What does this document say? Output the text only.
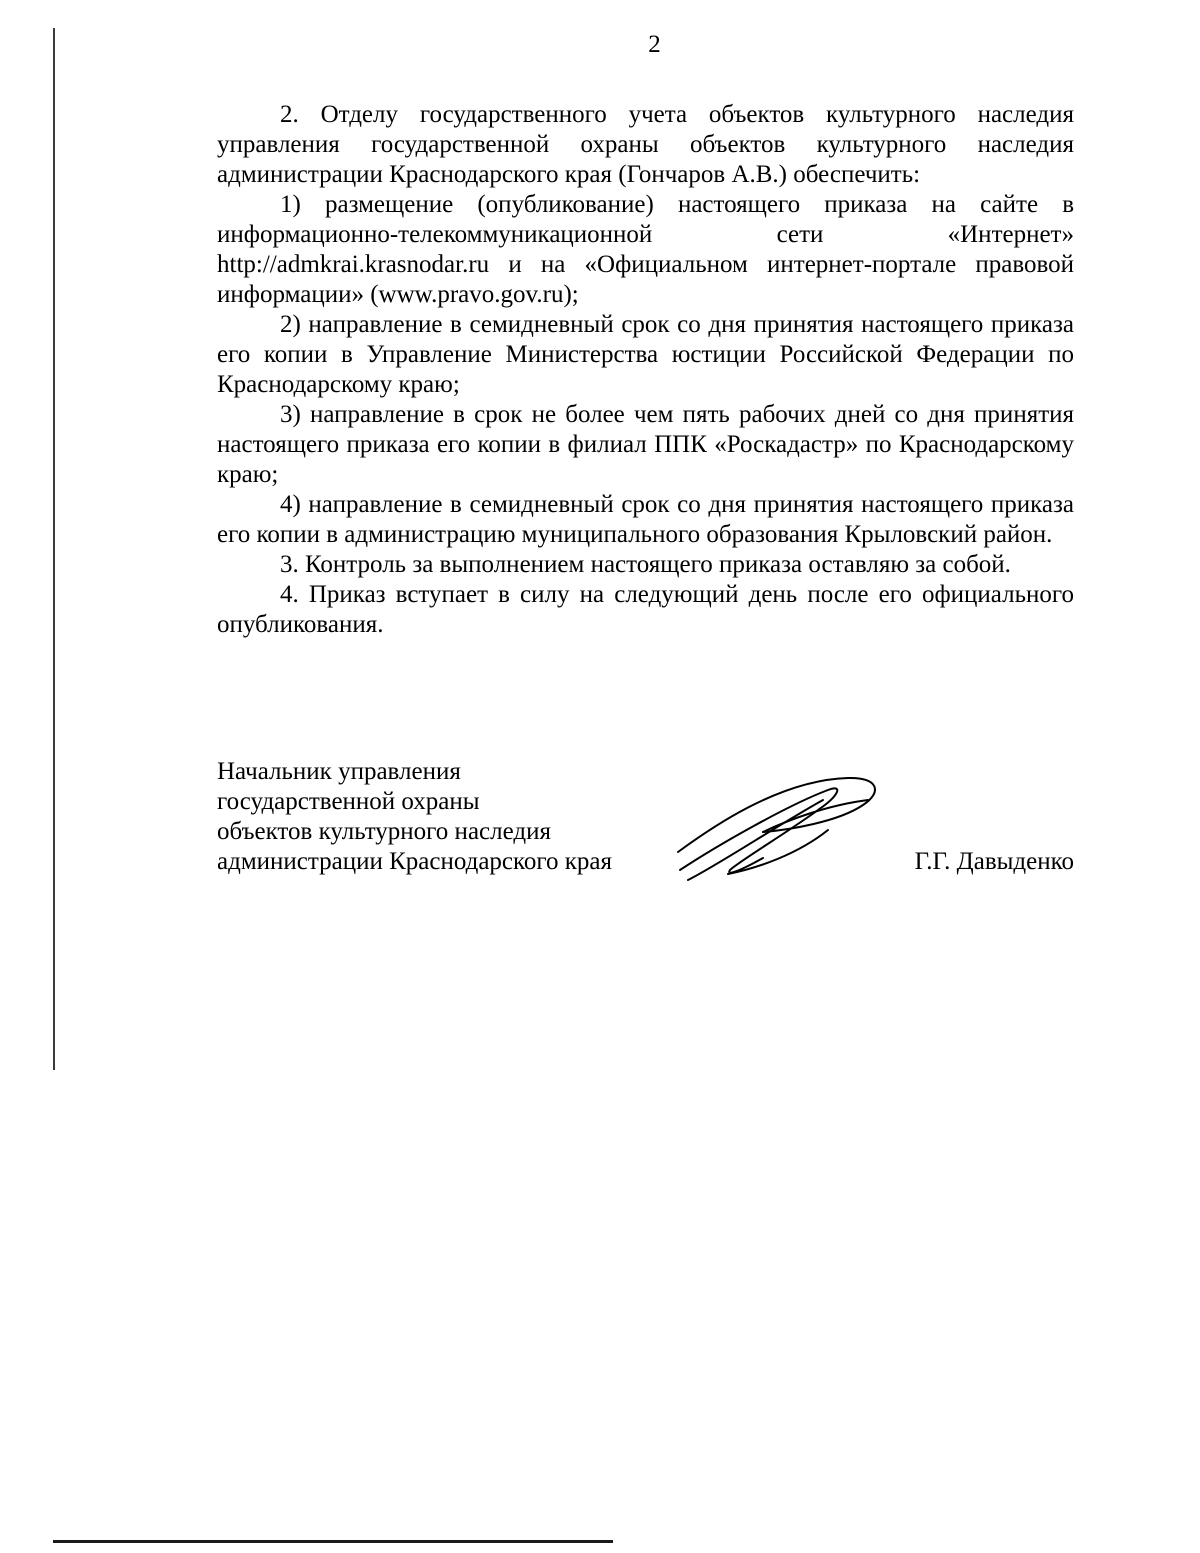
2

2. Отделу государственного учета объектов культурного наследия управления государственной охраны объектов культурного наследия администрации Краснодарского края (Гончаров А.В.) обеспечить:

1) размещение (опубликование) настоящего приказа на сайте в информационно-телекоммуникационной сети «Интернет» http://admkrai.krasnodar.ru и на «Официальном интернет-портале правовой информации» (www.pravo.gov.ru);

2) направление в семидневный срок со дня принятия настоящего приказа его копии в Управление Министерства юстиции Российской Федерации по Краснодарскому краю;

3) направление в срок не более чем пять рабочих дней со дня принятия настоящего приказа его копии в филиал ППК «Роскадастр» по Краснодарскому краю;

4) направление в семидневный срок со дня принятия настоящего приказа его копии в администрацию муниципального образования Крыловский район.

3. Контроль за выполнением настоящего приказа оставляю за собой.

4. Приказ вступает в силу на следующий день после его официального опубликования.

Начальник управления
государственной охраны
объектов культурного наследия
администрации Краснодарского края	Г.Г. Давыденко
